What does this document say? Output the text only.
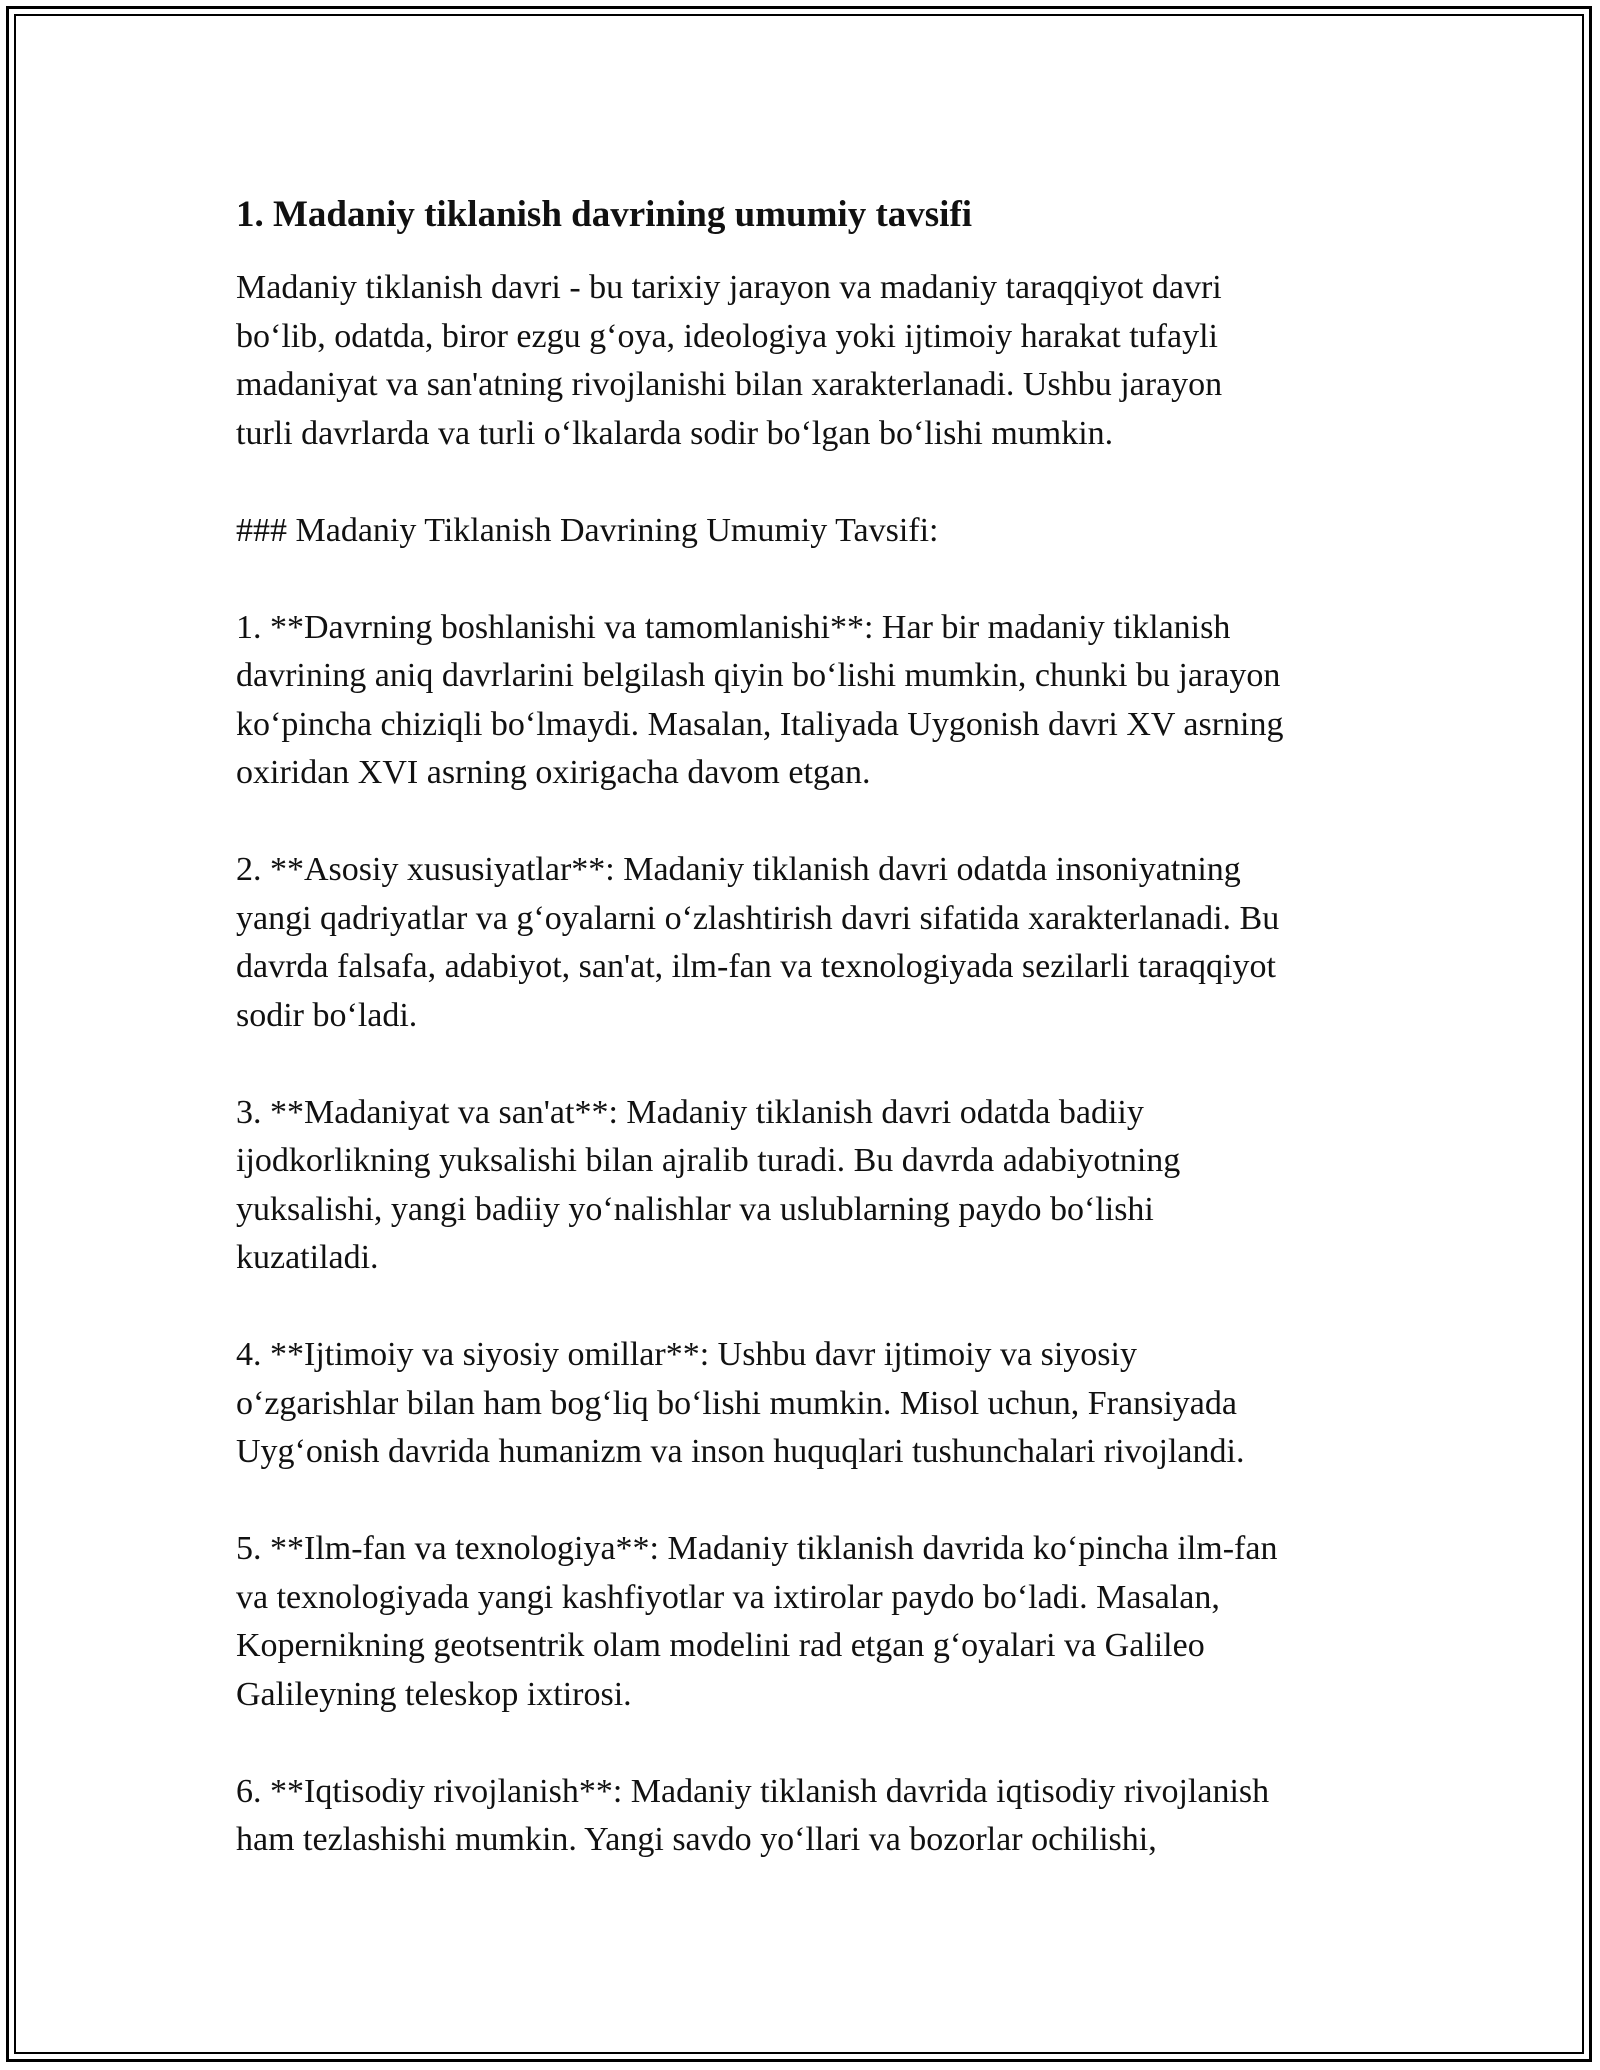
1. Madaniy tiklanish davrining umumiy tavsifi

Madaniy tiklanish davri - bu tarixiy jarayon va madaniy taraqqiyot davri
bo‘lib, odatda, biror ezgu g‘oya, ideologiya yoki ijtimoiy harakat tufayli
madaniyat va san'atning rivojlanishi bilan xarakterlanadi. Ushbu jarayon
turli davrlarda va turli o‘lkalarda sodir bo‘lgan bo‘lishi mumkin.

### Madaniy Tiklanish Davrining Umumiy Tavsifi:

1. **Davrning boshlanishi va tamomlanishi**: Har bir madaniy tiklanish
davrining aniq davrlarini belgilash qiyin bo‘lishi mumkin, chunki bu jarayon
ko‘pincha chiziqli bo‘lmaydi. Masalan, Italiyada Uygonish davri XV asrning
oxiridan XVI asrning oxirigacha davom etgan.

2. **Asosiy xususiyatlar**: Madaniy tiklanish davri odatda insoniyatning
yangi qadriyatlar va g‘oyalarni o‘zlashtirish davri sifatida xarakterlanadi. Bu
davrda falsafa, adabiyot, san'at, ilm-fan va texnologiyada sezilarli taraqqiyot
sodir bo‘ladi.

3. **Madaniyat va san'at**: Madaniy tiklanish davri odatda badiiy
ijodkorlikning yuksalishi bilan ajralib turadi. Bu davrda adabiyotning
yuksalishi, yangi badiiy yo‘nalishlar va uslublarning paydo bo‘lishi
kuzatiladi.

4. **Ijtimoiy va siyosiy omillar**: Ushbu davr ijtimoiy va siyosiy
o‘zgarishlar bilan ham bog‘liq bo‘lishi mumkin. Misol uchun, Fransiyada
Uyg‘onish davrida humanizm va inson huquqlari tushunchalari rivojlandi.

5. **Ilm-fan va texnologiya**: Madaniy tiklanish davrida ko‘pincha ilm-fan
va texnologiyada yangi kashfiyotlar va ixtirolar paydo bo‘ladi. Masalan,
Kopernikning geotsentrik olam modelini rad etgan g‘oyalari va Galileo
Galileyning teleskop ixtirosi.

6. **Iqtisodiy rivojlanish**: Madaniy tiklanish davrida iqtisodiy rivojlanish
ham tezlashishi mumkin. Yangi savdo yo‘llari va bozorlar ochilishi,
